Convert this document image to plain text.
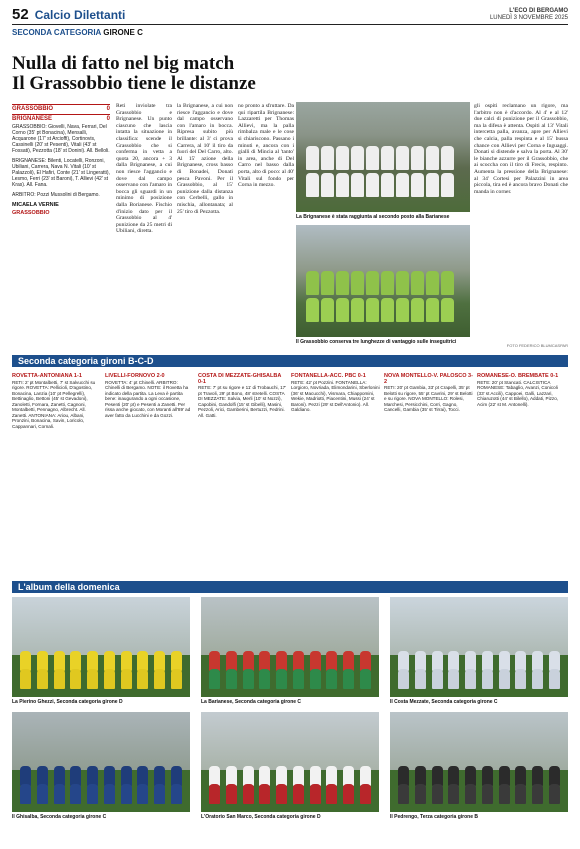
52 Calcio Dilettanti	L'ECO DI BERGAMO
LUNEDÌ 3 NOVEMBRE 2025
SECONDA CATEGORIA GIRONE C
Nulla di fatto nel big match
Il Grassobbio tiene le distanze
GRASSOBBIO	0
BRIGNANESE	0
GRASSOBBIO: Giovelli, Nava, Ferrari, Del Corno (35' pt Bonacina), Mensalli, Acquarone (17' st Arcioffi), Cortinovis, Cassinelli (20' st Pesenti), Vitali (43' st Fossati), Pezzotta (18' st Donini). All. Belloli.
BRIGNANESE: Bilenti, Locatelli, Ronzoni, Ubiliani, Carrera, Nava N. Vitali (10' st Palazzoli), El Hafiri, Conte (21' st Lingeratti), Lesmo, Ferri (23' st Baroni), T. Allievi (42' st Kras). All. Fana.
ARBITRO: Pozzi Mussolini di Bergamo.
MICAELA VERNIE
GRASSOBBIO
Reti inviolate tra Grassobbio e Brignanese. Un punto ciascuno che lascia intatta la situazione in classifica: scende il Grassobbio che si conferma in vetta a quota 20, ancora + 3 dalla Brignanese, a cui non riesce l'aggancio e dove dal campo osservano con l'amaro in bocca gli sguardi in un minimo di posizione dalla Borianese. Fischio d'inizio dato per il Grassobbio al 4' punizione da 25 metri di Ubiliani, diretta.
la Brignanese, a cui non riesce l'aggancio e dove dal campo osservano con l'amaro in bocca. Ripresa subito più brillante: al 3' ci prova Carrera, al 10' il tiro da fuori del Del Carro, alto. Al 15' azione della Brignanese, cross basso di Bonadei, Donati pesca Pavoni. Per il Grassobbio, al 15' punizione dalla distanza con Cerbelli, gallo in mischia, allontanata; al 25' tiro di Pezzotta.
no pronto a sfruttare. Da qui ripartila Brignanese: Lazzaretti per Thomas Allievi, ma la palla rimbalza male e le cose si chiariscono. Passano i minuti e, ancora con i gialli di Mincia al 'tanto' in area, anche di Del Carro nel basso dalla porta, alto di poco: al 40' Vitali sul fondo per Corna in mezzo.
gli ospiti reclamano un rigore, ma l'arbitro non è d'accordo. Al 4' e al 12' due calci di punizione per il Grassobbio, ma la difesa è attenta. Ospiti al 13' Vitali intercetta palla, avanza, apre per Allievi che calcia, palla respinta e al 15' bussa chance con Allievi per Corna e Inguaggi. Donati si distende e salva la porta. Al 30' le bianche azzurre per il Grassobbio, che ai scoccha con il tiro di Frecis, respinto. Aumenta la pressione della Brignanese: al 34' Cortesi per Palazzini in area piccola, tira ed è ancora bravo Donati che manda in corner.
La Brignanese è stata raggiunta al secondo posto alla Barianese
Il Grassobbio conserva tre lunghezze di vantaggio sulle inseguitrici
FOTO FEDERICO BLUMCASPAR
Seconda categoria gironi B-C-D
ROVETTA-ANTONIANA 1-1
RETI: 2' pt Montalbetti, 7' st Salvucchi su rigore. ROVETTA: Pellicioli, D'agostino, Bonacina, Lanzia (10' pt Pellegrelli), Bettinaglio, Bettoni (45' st Gevadoni), Zanoletti, Fornara, Zanetti, Cagnoni, Montalbetti, Pennagno, Albrecht. All. Zanetti. ANTONIANA: Ariou, Albani, Pronzini, Bonacina, Savin, Loricolo, Cappannari, Cornali.
LIVELLI-FORNOVO 2-0
ROVETTA: 4' pt Chinelli. ARBITRO: Chinelli di Bergamo. NOTE: il Rovetta ha indicato della partita. La Leva è partita bene: inaugurando a ogni occasione, Pesenti (20' pt) e Pesenti a Zanetti. Per rissa anche giocato, con Moranti all'89' ad aver fatto da Lucchini e da Gozzi.
COSTA DI MEZZATE-GHISALBA 0-1
RETE: 7' pt su rigore e 11' di Trobauchi, 17' pt Travoli, 29' pt Bono, 48' stretelli. COSTA DI MEZZATE: Salvia, Merli (10' st Nozzi), Capobini, Gandolfi (15' st Gibelli), Masini, Pezzoli, Arici, Gamberini, Bertuzzi, Fedrini. All. Gatti.
FONTANELLA-ACC. PBC 0-1
RETE: 42' pt Pozzini. FONTANELLA: Lorgioro, Novriada, Elimondarini, Sberlonini (36' st Macucchi), Vismara, Chiappomini, Wekie, Madriotti, Piacentini, Mussi (24' st Baroni). Pezzi (29' st Dell'Antonio). All. Galdiano.
NOVA MONTELLO-V. PALOSCO 3-2
RETI: 20' pt Gambia, 33' pt Crapelli, 35' pt Belotti su rigore, 55' pt Cavrini, 29' st Belotti e su rigore. NOVA MONTELLO: Rolesi, Marchesi, Persicchini, Corri, Gagno, Cancelli, Gambia (35' st Tirrai), Tocci.
ROMANESE-O. BREMBATE 0-1
RETE: 20' pt Stancati. CALCISTICA ROMANESE: Tabaglio, Avanzi, Conicoli (33' st Accili), Cappoei, Galli, Lazzari, Chiaruzotti (44' st Bilello), Addati, Pizzo, Acim (22' st M. Antonelli).
L'album della domenica
La Pierino Ghezzi, Seconda categoria girone D	La Barianese, Seconda categoria girone C	Il Costa Mezzate, Seconda categoria girone C
Il Ghisalba, Seconda categoria girone C	L'Oratorio San Marco, Seconda categoria girone D	Il Pedrengo, Terza categoria girone B
